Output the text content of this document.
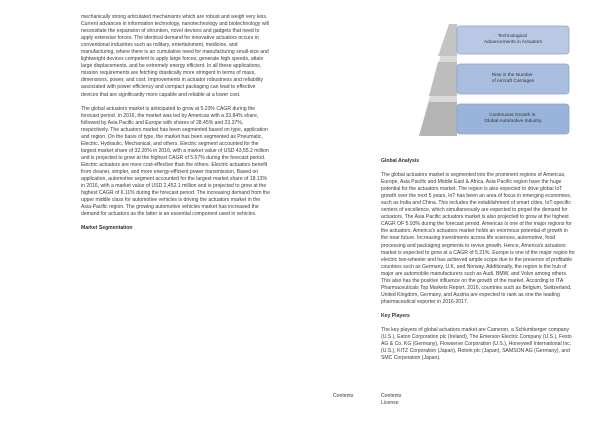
mechanically strong articulated mechanisms which are robust and weigh very less. Current advances in information technology, nanotechnology and biotechnology will necessitate the expansion of shrunken, novel devices and gadgets that need to apply extensive forces. The identical demand for innovative actuators occurs in conventional industries such as military, entertainment, medicine, and manufacturing, where there is an cumulative need for manufacturing small-size and lightweight devices competent to apply large forces, generate high speeds, attain large displacements, and be extremely energy efficient. In all these applications, mission requirements are fetching drastically more stringent in terms of mass, dimensions, power, and cost. Improvements in actuator robustness and reliability associated with power efficiency and compact packaging can lead to effective devices that are significantly more capable and reliable at a lower cost.

The global actuators market is anticipated to grow at 5.23% CAGR during the forecast period. In 2016, the market was led by Americas with a 33.84% share, followed by Asia Pacific and Europe with shares of 28.45% and 23.37%, respectively. The actuators market has been segmented based on type, application and region. On the basis of type, the market has been segmented as Pneumatic, Electric, Hydraulic, Mechanical, and others. Electric segment accounted for the largest market share of 32.20% in 2016, with a market value of USD 43,55.2 million and is projected to grow at the highest CAGR of 5.67% during the forecast period. Electric actuators are more cost-effective than the others. Electric actuators benefit from cleaner, simpler, and more energy-efficient power transmission. Based on application, automotive segment accounted for the largest market share of 18.13% in 2016, with a market value of USD 2,452.1 million and is projected to grow at the highest CAGR of 6.11% during the forecast period. The increasing demand from the upper middle class for automotive vehicles is driving the actuators market in the Asia-Pacific region. The growing automotive vehicles market has increased the demand for actuators as the latter is an essential component used in vehicles.

Market Segmentation
Technological Advancements in Actuators
Rise in the Number of Aircraft Carriages
Continuous Growth in Global Automotive Industry
Global Analysis

The global actuators market is segmented into the prominent regions of Americas, Europe, Asia Pacific and Middle East & Africa. Asia Pacific region have the huge potential for the actuators market. The region is also expected to drive global IoT growth over the next 5 years, IoT has been an area of focus in emerging economies, such as India and China. This includes the establishment of smart cities, IoT-specific centers of excellence, which simultaneously are expected to propel the demand for actuators. The Asia Pacific actuators market is also projected to grow at the highest CAGR OF 5.93% during the forecast period. Americas is one of the major regions for the actuators. America's actuators market holds an enormous potential of growth in the near future. Increasing investments across life sciences, automotive, food processing and packaging segments to revive growth. Hence, America's actuators market is expected to grow at a CAGR of 5.21%. Europe is one of the major region for electric two-wheeler and has achieved ample scope due to the presence of profitable countries such as Germany, U.K, and Norway. Additionally, the region is the hub of major are automobile manufacturers such as Audi, BMW, and Volvo among others. This also has the positive influence on the growth of the market. According to ITA Pharmaceuticals Top Markets Report, 2016, countries such as Belgium, Switzerland, United Kingdom, Germany, and Austria are expected to rank as one the leading pharmaceutical exporter in 2016-2017.

Key Players

The key players of global actuators market are Cameron, a Schlumberger company (U.S.), Eaton Corporation plc (Ireland), The Emerson Electric Company (U.S.), Festo AG & Co. KG (Germany), Flowserve Corporation (U.S.), Honeywell International Inc. (U.S.), KITZ Corporation (Japan), Rotork plc (Japan), SAMSON AG (Germany), and SMC Corporation (Japan).

Contents	Contents
License
